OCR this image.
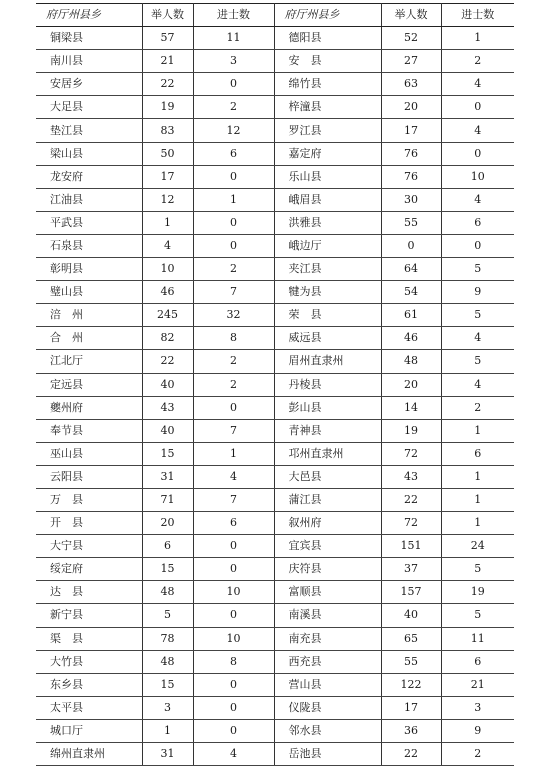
府厅州县乡	举人数	进士数	府厅州县乡	举人数	进士数
铜梁县	57	11	德阳县	52	1
南川县	21	3	安　县	27	2
安居乡	22	0	绵竹县	63	4
大足县	19	2	梓潼县	20	0
垫江县	83	12	罗江县	17	4
梁山县	50	6	嘉定府	76	0
龙安府	17	0	乐山县	76	10
江油县	12	1	峨眉县	30	4
平武县	1	0	洪雅县	55	6
石泉县	4	0	峨边厅	0	0
彰明县	10	2	夹江县	64	5
璧山县	46	7	犍为县	54	9
涪　州	245	32	荣　县	61	5
合　州	82	8	威远县	46	4
江北厅	22	2	眉州直隶州	48	5
定远县	40	2	丹棱县	20	4
夔州府	43	0	彭山县	14	2
奉节县	40	7	青神县	19	1
巫山县	15	1	邛州直隶州	72	6
云阳县	31	4	大邑县	43	1
万　县	71	7	蒲江县	22	1
开　县	20	6	叙州府	72	1
大宁县	6	0	宜宾县	151	24
绥定府	15	0	庆符县	37	5
达　县	48	10	富顺县	157	19
新宁县	5	0	南溪县	40	5
渠　县	78	10	南充县	65	11
大竹县	48	8	西充县	55	6
东乡县	15	0	营山县	122	21
太平县	3	0	仪陇县	17	3
城口厅	1	0	邻水县	36	9
绵州直隶州	31	4	岳池县	22	2
